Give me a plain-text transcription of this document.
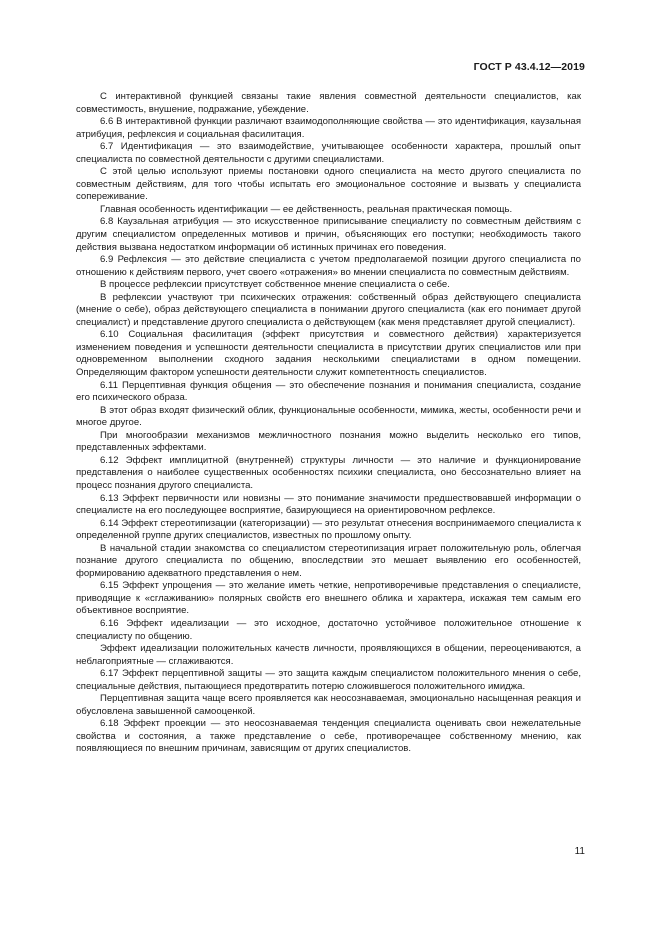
ГОСТ Р 43.4.12—2019

С интерактивной функцией связаны такие явления совместной деятельности специалистов, как совместимость, внушение, подражание, убеждение.

6.6 В интерактивной функции различают взаимодополняющие свойства — это идентификация, каузальная атрибуция, рефлексия и социальная фасилитация.

6.7 Идентификация — это взаимодействие, учитывающее особенности характера, прошлый опыт специалиста по совместной деятельности с другими специалистами.

С этой целью используют приемы постановки одного специалиста на место другого специалиста по совместным действиям, для того чтобы испытать его эмоциональное состояние и вызвать у специалиста сопереживание.

Главная особенность идентификации — ее действенность, реальная практическая помощь.

6.8 Каузальная атрибуция — это искусственное приписывание специалисту по совместным действиям с другим специалистом определенных мотивов и причин, объясняющих его поступки; необходимость такого действия вызвана недостатком информации об истинных причинах его поведения.

6.9 Рефлексия — это действие специалиста с учетом предполагаемой позиции другого специалиста по отношению к действиям первого, учет своего «отражения» во мнении специалиста по совместным действиям.

В процессе рефлексии присутствует собственное мнение специалиста о себе.

В рефлексии участвуют три психических отражения: собственный образ действующего специалиста (мнение о себе), образ действующего специалиста в понимании другого специалиста (как его понимает другой специалист) и представление другого специалиста о действующем (как меня представляет другой специалист).

6.10 Социальная фасилитация (эффект присутствия и совместного действия) характеризуется изменением поведения и успешности деятельности специалиста в присутствии других специалистов или при одновременном выполнении сходного задания несколькими специалистами в одном помещении. Определяющим фактором успешности деятельности служит компетентность специалистов.

6.11 Перцептивная функция общения — это обеспечение познания и понимания специалиста, создание его психического образа.

В этот образ входят физический облик, функциональные особенности, мимика, жесты, особенности речи и многое другое.

При многообразии механизмов межличностного познания можно выделить несколько его типов, представленных эффектами.

6.12 Эффект имплицитной (внутренней) структуры личности — это наличие и функционирование представления о наиболее существенных особенностях психики специалиста, оно бессознательно влияет на процесс познания другого специалиста.

6.13 Эффект первичности или новизны — это понимание значимости предшествовавшей информации о специалисте на его последующее восприятие, базирующиеся на ориентировочном рефлексе.

6.14 Эффект стереотипизации (категоризации) — это результат отнесения воспринимаемого специалиста к определенной группе других специалистов, известных по прошлому опыту.

В начальной стадии знакомства со специалистом стереотипизация играет положительную роль, облегчая познание другого специалиста по общению, впоследствии это мешает выявлению его особенностей, формированию адекватного представления о нем.

6.15 Эффект упрощения — это желание иметь четкие, непротиворечивые представления о специалисте, приводящие к «сглаживанию» полярных свойств его внешнего облика и характера, искажая тем самым его объективное восприятие.

6.16 Эффект идеализации — это исходное, достаточно устойчивое положительное отношение к специалисту по общению.

Эффект идеализации положительных качеств личности, проявляющихся в общении, переоцениваются, а неблагоприятные — сглаживаются.

6.17 Эффект перцептивной защиты — это защита каждым специалистом положительного мнения о себе, специальные действия, пытающиеся предотвратить потерю сложившегося положительного имиджа.

Перцептивная защита чаще всего проявляется как неосознаваемая, эмоционально насыщенная реакция и обусловлена завышенной самооценкой.

6.18 Эффект проекции — это неосознаваемая тенденция специалиста оценивать свои нежелательные свойства и состояния, а также представление о себе, противоречащее собственному мнению, как появляющиеся по внешним причинам, зависящим от других специалистов.

11
